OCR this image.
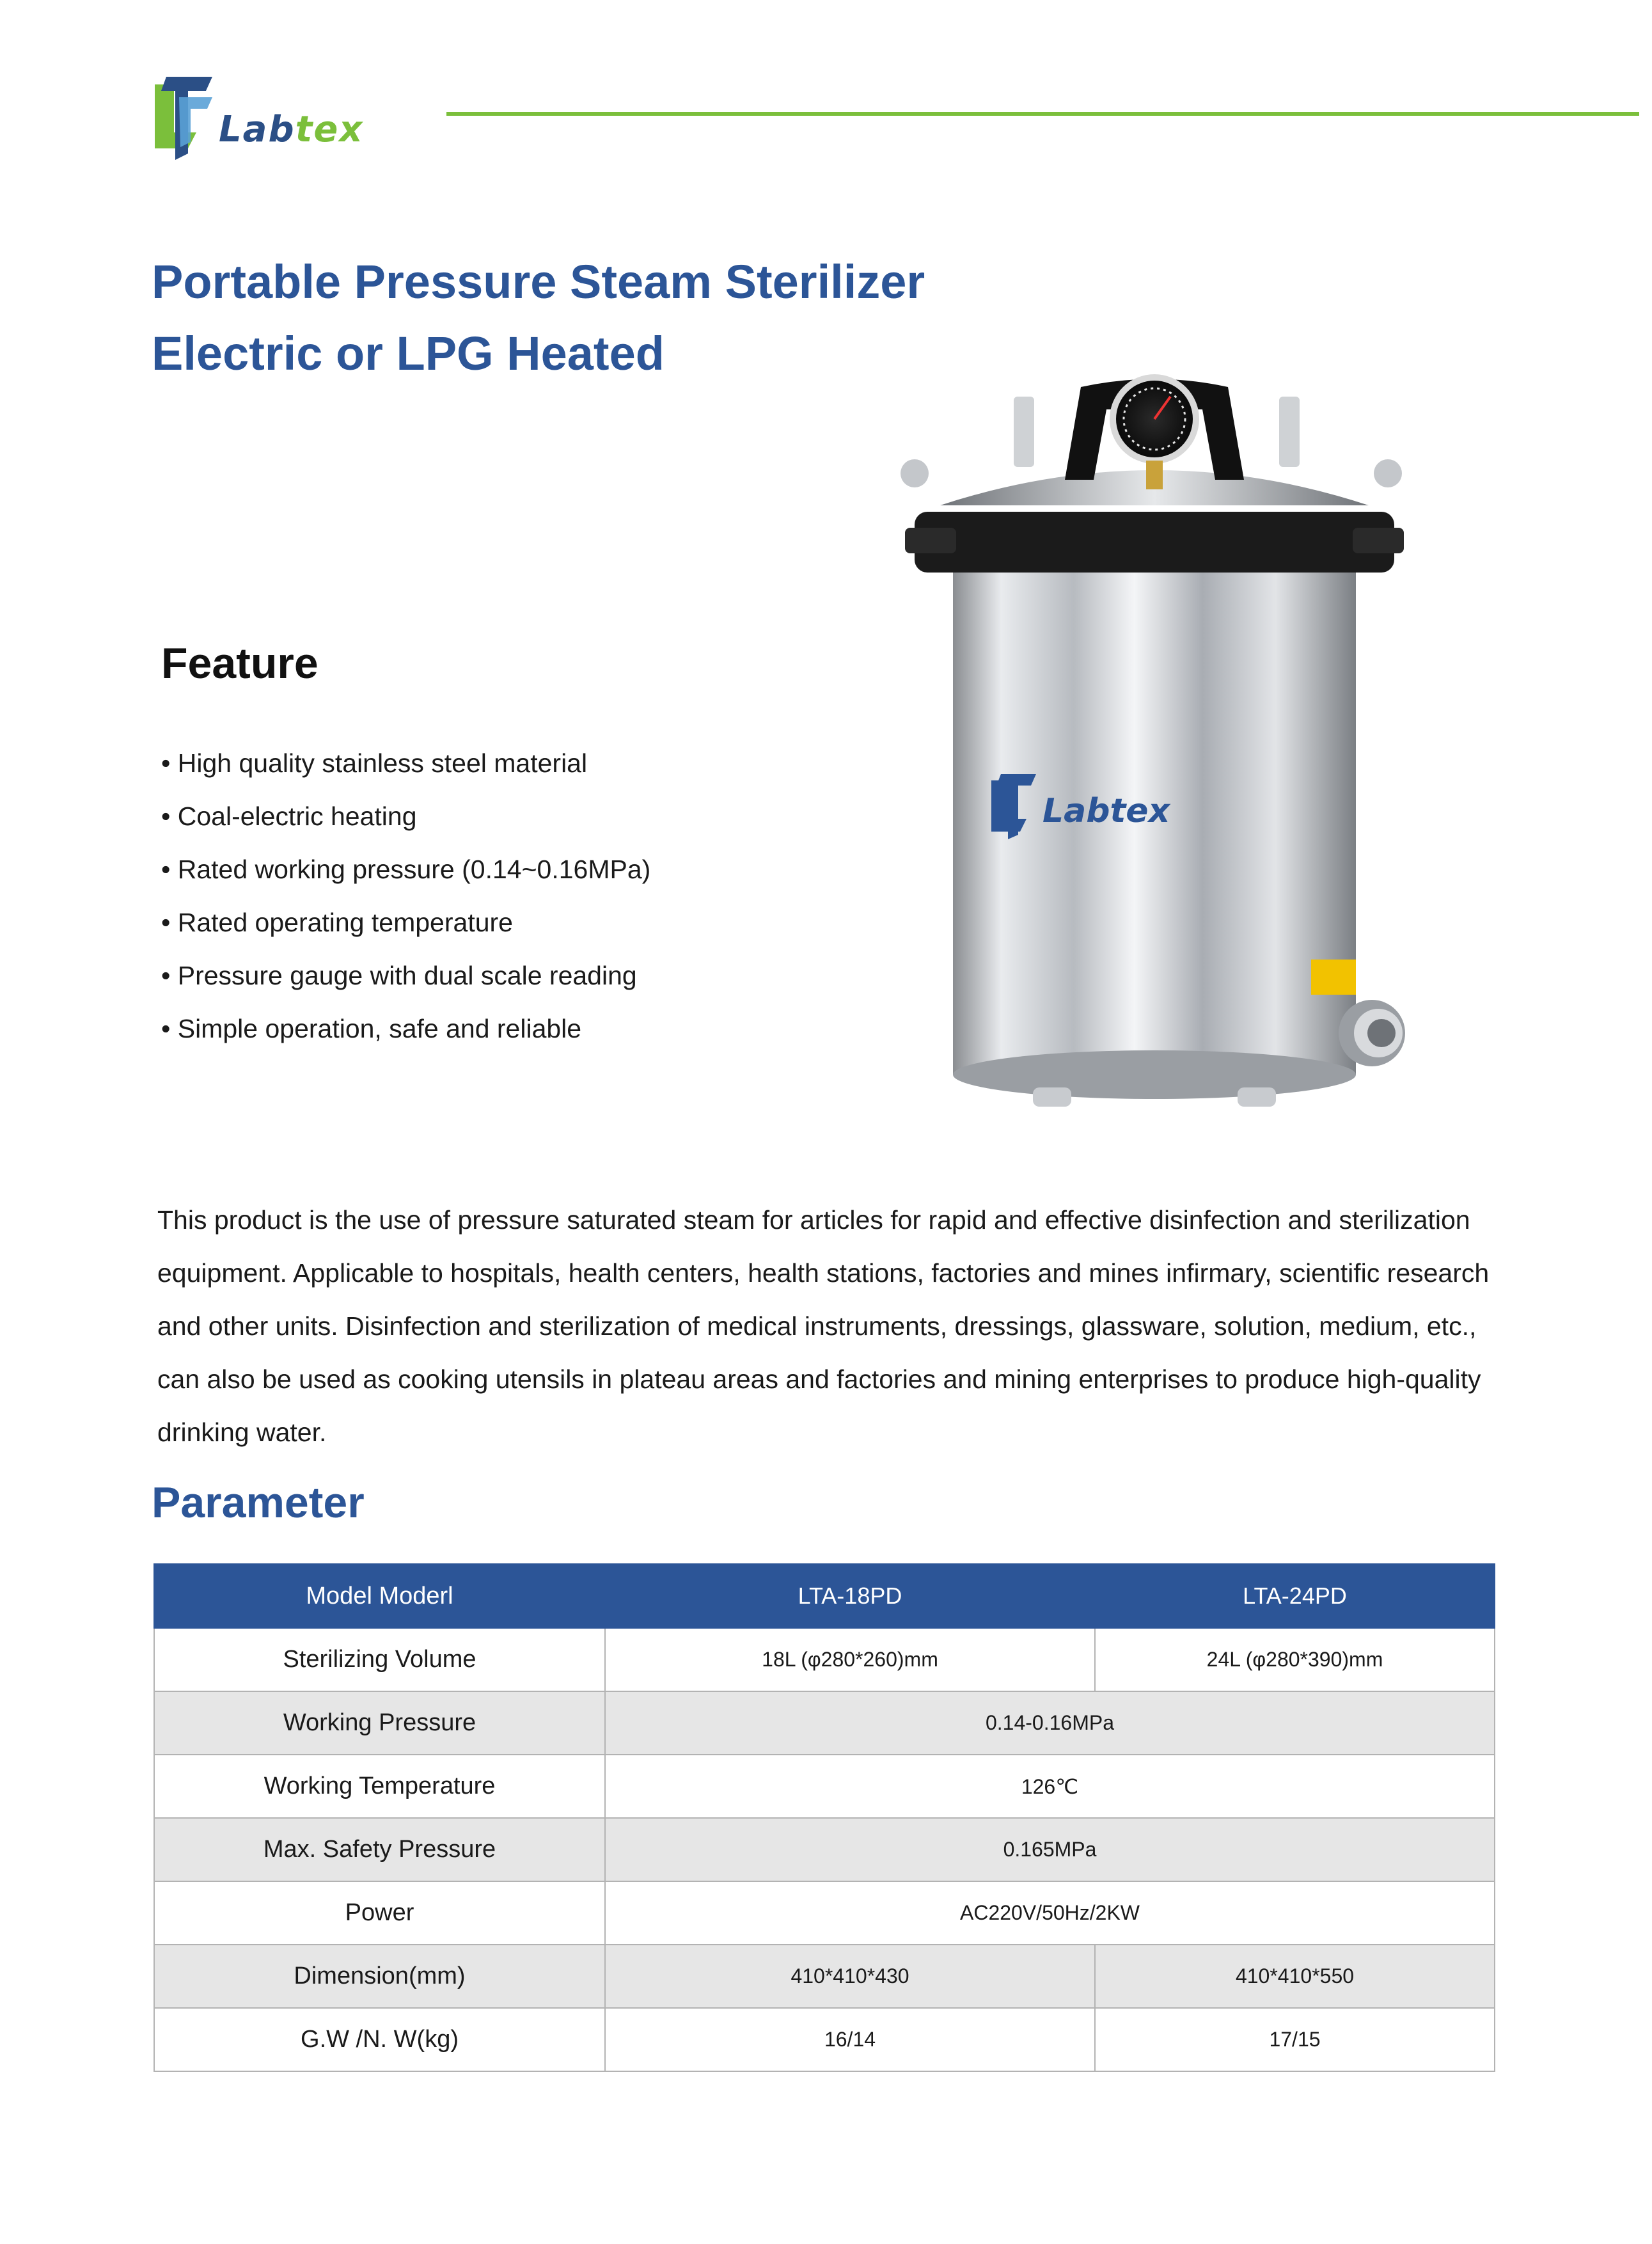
Labtex
Portable Pressure Steam Sterilizer
Electric or LPG Heated
Feature
• High quality stainless steel material
• Coal-electric heating
• Rated working pressure (0.14~0.16MPa)
• Rated operating temperature
• Pressure gauge with dual scale reading
• Simple operation, safe and reliable
Labtex
This product is the use of pressure saturated steam for articles for rapid and effective disinfection and sterilization equipment. Applicable to hospitals, health centers, health stations, factories and mines infirmary, scientific research and other units. Disinfection and sterilization of medical instruments, dressings, glassware, solution, medium, etc., can also be used as cooking utensils in plateau areas and factories and mining enterprises to produce high-quality drinking water.
Parameter
Model Moderl	LTA-18PD	LTA-24PD
Sterilizing Volume	18L (φ280*260)mm	24L (φ280*390)mm
Working Pressure	0.14-0.16MPa	
Working Temperature	126℃	
Max. Safety Pressure	0.165MPa	
Power	AC220V/50Hz/2KW	
Dimension(mm)	410*410*430	410*410*550
G.W /N. W(kg)	16/14	17/15
